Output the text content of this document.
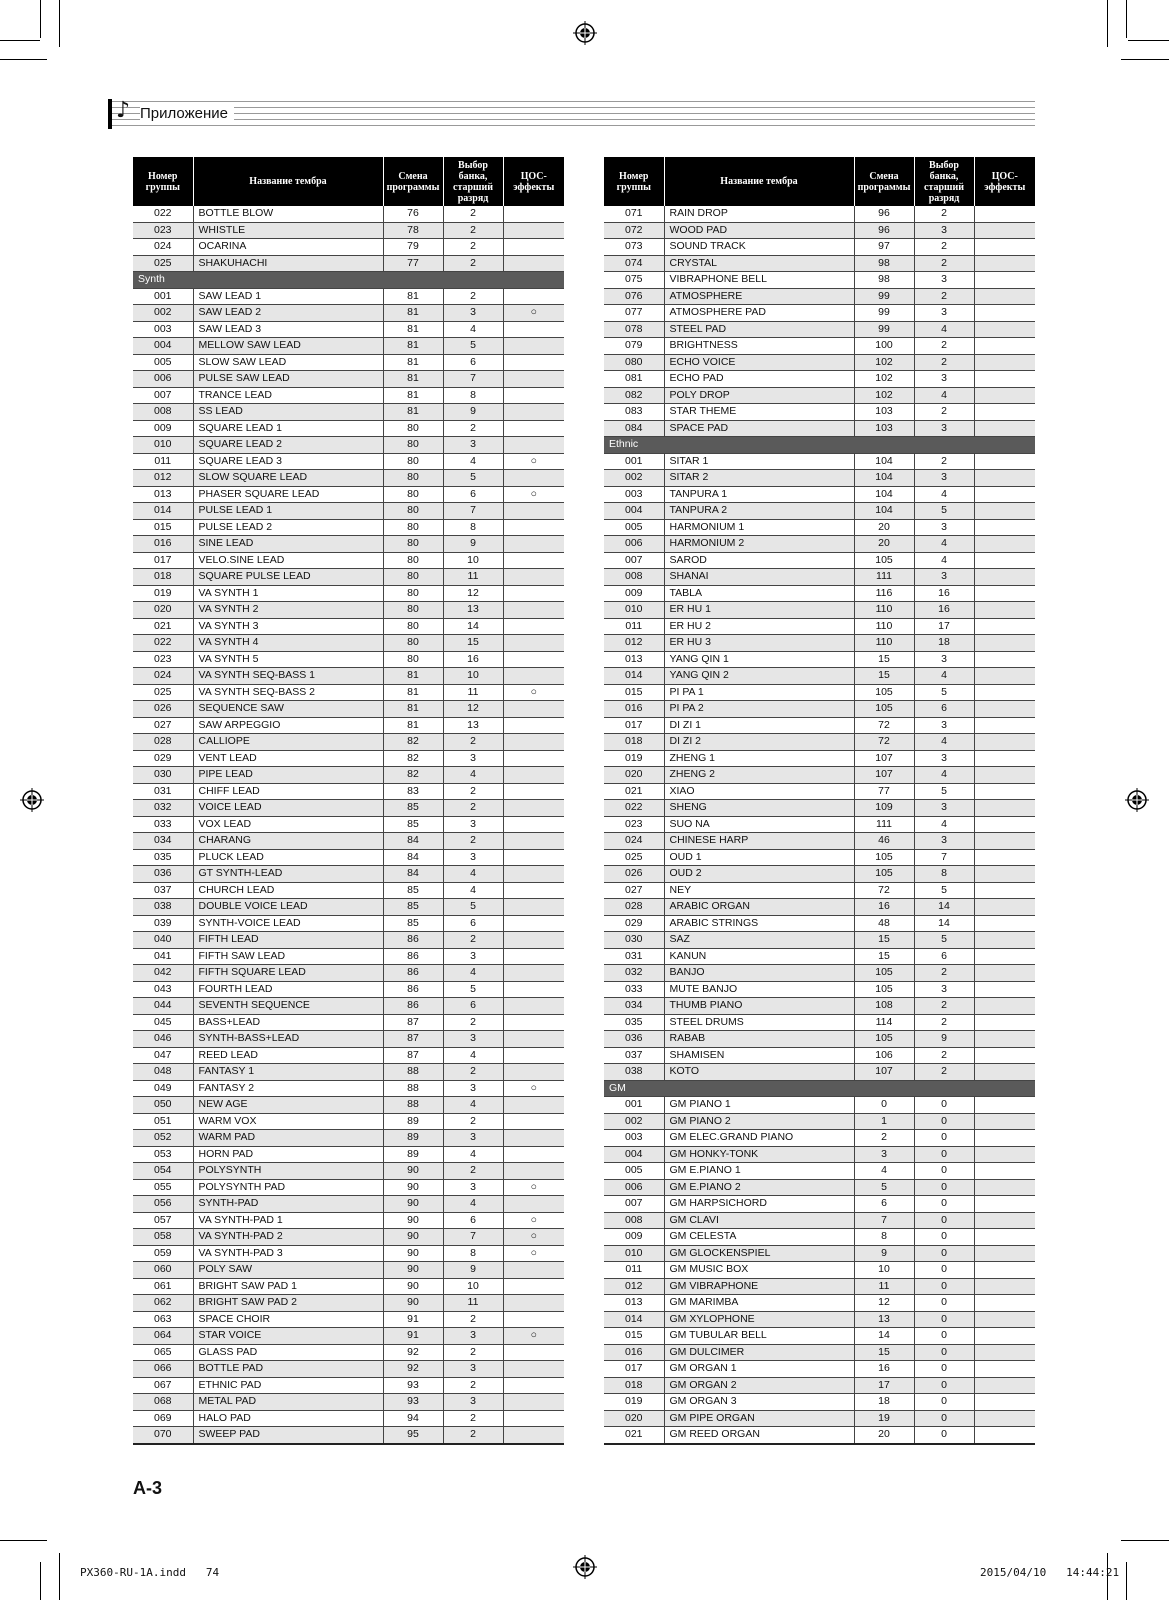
♪ Приложение
Номер группы	Название тембра	Смена программы	Выбор банка, старший разряд	ЦОС-эффекты
022	BOTTLE BLOW	76	2	
023	WHISTLE	78	2	
024	OCARINA	79	2	
025	SHAKUHACHI	77	2	
Synth				
001	SAW LEAD 1	81	2	
002	SAW LEAD 2	81	3	○
003	SAW LEAD 3	81	4	
004	MELLOW SAW LEAD	81	5	
005	SLOW SAW LEAD	81	6	
006	PULSE SAW LEAD	81	7	
007	TRANCE LEAD	81	8	
008	SS LEAD	81	9	
009	SQUARE LEAD 1	80	2	
010	SQUARE LEAD 2	80	3	
011	SQUARE LEAD 3	80	4	○
012	SLOW SQUARE LEAD	80	5	
013	PHASER SQUARE LEAD	80	6	○
014	PULSE LEAD 1	80	7	
015	PULSE LEAD 2	80	8	
016	SINE LEAD	80	9	
017	VELO.SINE LEAD	80	10	
018	SQUARE PULSE LEAD	80	11	
019	VA SYNTH 1	80	12	
020	VA SYNTH 2	80	13	
021	VA SYNTH 3	80	14	
022	VA SYNTH 4	80	15	
023	VA SYNTH 5	80	16	
024	VA SYNTH SEQ-BASS 1	81	10	
025	VA SYNTH SEQ-BASS 2	81	11	○
026	SEQUENCE SAW	81	12	
027	SAW ARPEGGIO	81	13	
028	CALLIOPE	82	2	
029	VENT LEAD	82	3	
030	PIPE LEAD	82	4	
031	CHIFF LEAD	83	2	
032	VOICE LEAD	85	2	
033	VOX LEAD	85	3	
034	CHARANG	84	2	
035	PLUCK LEAD	84	3	
036	GT SYNTH-LEAD	84	4	
037	CHURCH LEAD	85	4	
038	DOUBLE VOICE LEAD	85	5	
039	SYNTH-VOICE LEAD	85	6	
040	FIFTH LEAD	86	2	
041	FIFTH SAW LEAD	86	3	
042	FIFTH SQUARE LEAD	86	4	
043	FOURTH LEAD	86	5	
044	SEVENTH SEQUENCE	86	6	
045	BASS+LEAD	87	2	
046	SYNTH-BASS+LEAD	87	3	
047	REED LEAD	87	4	
048	FANTASY 1	88	2	
049	FANTASY 2	88	3	○
050	NEW AGE	88	4	
051	WARM VOX	89	2	
052	WARM PAD	89	3	
053	HORN PAD	89	4	
054	POLYSYNTH	90	2	
055	POLYSYNTH PAD	90	3	○
056	SYNTH-PAD	90	4	
057	VA SYNTH-PAD 1	90	6	○
058	VA SYNTH-PAD 2	90	7	○
059	VA SYNTH-PAD 3	90	8	○
060	POLY SAW	90	9	
061	BRIGHT SAW PAD 1	90	10	
062	BRIGHT SAW PAD 2	90	11	
063	SPACE CHOIR	91	2	
064	STAR VOICE	91	3	○
065	GLASS PAD	92	2	
066	BOTTLE PAD	92	3	
067	ETHNIC PAD	93	2	
068	METAL PAD	93	3	
069	HALO PAD	94	2	
070	SWEEP PAD	95	2	
Номер группы	Название тембра	Смена программы	Выбор банка, старший разряд	ЦОС-эффекты
071	RAIN DROP	96	2	
072	WOOD PAD	96	3	
073	SOUND TRACK	97	2	
074	CRYSTAL	98	2	
075	VIBRAPHONE BELL	98	3	
076	ATMOSPHERE	99	2	
077	ATMOSPHERE PAD	99	3	
078	STEEL PAD	99	4	
079	BRIGHTNESS	100	2	
080	ECHO VOICE	102	2	
081	ECHO PAD	102	3	
082	POLY DROP	102	4	
083	STAR THEME	103	2	
084	SPACE PAD	103	3	
Ethnic				
001	SITAR 1	104	2	
002	SITAR 2	104	3	
003	TANPURA 1	104	4	
004	TANPURA 2	104	5	
005	HARMONIUM 1	20	3	
006	HARMONIUM 2	20	4	
007	SAROD	105	4	
008	SHANAI	111	3	
009	TABLA	116	16	
010	ER HU 1	110	16	
011	ER HU 2	110	17	
012	ER HU 3	110	18	
013	YANG QIN 1	15	3	
014	YANG QIN 2	15	4	
015	PI PA 1	105	5	
016	PI PA 2	105	6	
017	DI ZI 1	72	3	
018	DI ZI 2	72	4	
019	ZHENG 1	107	3	
020	ZHENG 2	107	4	
021	XIAO	77	5	
022	SHENG	109	3	
023	SUO NA	111	4	
024	CHINESE HARP	46	3	
025	OUD 1	105	7	
026	OUD 2	105	8	
027	NEY	72	5	
028	ARABIC ORGAN	16	14	
029	ARABIC STRINGS	48	14	
030	SAZ	15	5	
031	KANUN	15	6	
032	BANJO	105	2	
033	MUTE BANJO	105	3	
034	THUMB PIANO	108	2	
035	STEEL DRUMS	114	2	
036	RABAB	105	9	
037	SHAMISEN	106	2	
038	KOTO	107	2	
GM				
001	GM PIANO 1	0	0	
002	GM PIANO 2	1	0	
003	GM ELEC.GRAND PIANO	2	0	
004	GM HONKY-TONK	3	0	
005	GM E.PIANO 1	4	0	
006	GM E.PIANO 2	5	0	
007	GM HARPSICHORD	6	0	
008	GM CLAVI	7	0	
009	GM CELESTA	8	0	
010	GM GLOCKENSPIEL	9	0	
011	GM MUSIC BOX	10	0	
012	GM VIBRAPHONE	11	0	
013	GM MARIMBA	12	0	
014	GM XYLOPHONE	13	0	
015	GM TUBULAR BELL	14	0	
016	GM DULCIMER	15	0	
017	GM ORGAN 1	16	0	
018	GM ORGAN 2	17	0	
019	GM ORGAN 3	18	0	
020	GM PIPE ORGAN	19	0	
021	GM REED ORGAN	20	0	
A-3
PX360-RU-1A.indd 74	2015/04/10 14:44:21
